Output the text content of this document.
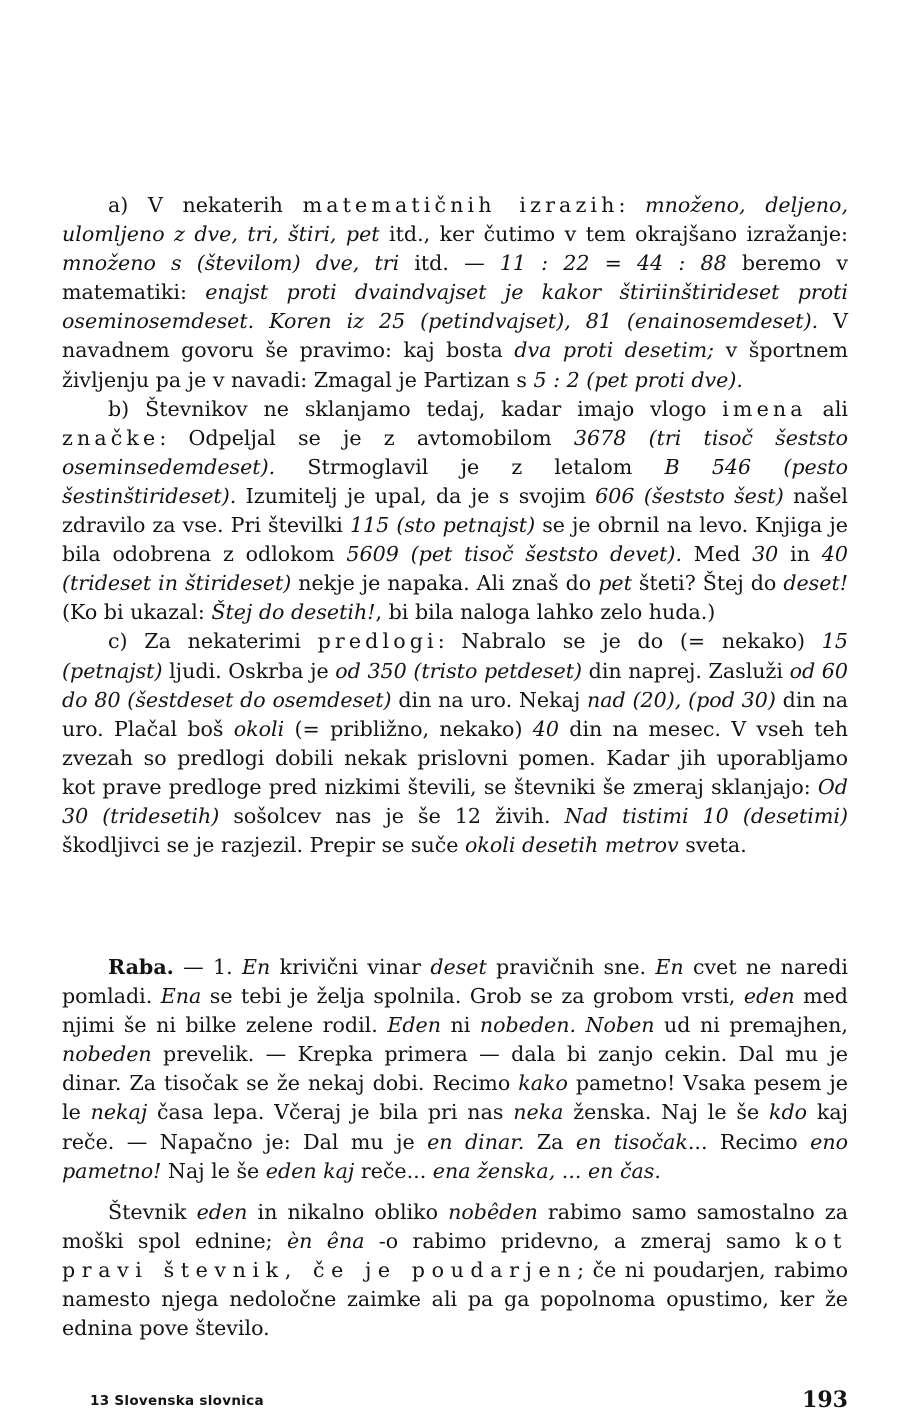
a) V nekaterih matematičnih izrazih: množeno, deljeno, ulomljeno z dve, tri, štiri, pet itd., ker čutimo v tem okrajšano izražanje: množeno s (številom) dve, tri itd. — 11 : 22 = 44 : 88 beremo v matematiki: enajst proti dvaindvajset je kakor štiriinštirideset proti oseminosemdeset. Koren iz 25 (petindvajset), 81 (enainosemdeset). V navadnem govoru še pravimo: kaj bosta dva proti desetim; v športnem življenju pa je v navadi: Zmagal je Partizan s 5 : 2 (pet proti dve).

b) Števnikov ne sklanjamo tedaj, kadar imajo vlogo imena ali značke: Odpeljal se je z avtomobilom 3678 (tri tisoč šeststo oseminsedemdeset). Strmoglavil je z letalom B 546 (pesto šestinštirideset). Izumitelj je upal, da je s svojim 606 (šeststo šest) našel zdravilo za vse. Pri številki 115 (sto petnajst) se je obrnil na levo. Knjiga je bila odobrena z odlokom 5609 (pet tisoč šeststo devet). Med 30 in 40 (trideset in štirideset) nekje je napaka. Ali znaš do pet šteti? Štej do deset! (Ko bi ukazal: Štej do desetih!, bi bila naloga lahko zelo huda.)

c) Za nekaterimi predlogi: Nabralo se je do (= nekako) 15 (petnajst) ljudi. Oskrba je od 350 (tristo petdeset) din naprej. Zasluži od 60 do 80 (šestdeset do osemdeset) din na uro. Nekaj nad (20), (pod 30) din na uro. Plačal boš okoli (= približno, nekako) 40 din na mesec. V vseh teh zvezah so predlogi dobili nekak prislovni pomen. Kadar jih uporabljamo kot prave predloge pred nizkimi števili, se števniki še zmeraj sklanjajo: Od 30 (tridesetih) sošolcev nas je še 12 živih. Nad tistimi 10 (desetimi) škodljivci se je razjezil. Prepir se suče okoli desetih metrov sveta.

Raba. — 1. En krivični vinar deset pravičnih sne. En cvet ne naredi pomladi. Ena se tebi je želja spolnila. Grob se za grobom vrsti, eden med njimi še ni bilke zelene rodil. Eden ni nobeden. Noben ud ni premajhen, nobeden prevelik. — Krepka primera — dala bi zanjo cekin. Dal mu je dinar. Za tisočak se že nekaj dobi. Recimo kako pametno! Vsaka pesem je le nekaj časa lepa. Včeraj je bila pri nas neka ženska. Naj le še kdo kaj reče. — Napačno je: Dal mu je en dinar. Za en tisočak... Recimo eno pametno! Naj le še eden kaj reče... ena ženska, ... en čas.

Števnik eden in nikalno obliko nobêden rabimo samo samostalno za moški spol ednine; èn êna -o rabimo pridevno, a zmeraj samo kot pravi števnik, če je poudarjen; če ni poudarjen, rabimo namesto njega nedoločne zaimke ali pa ga popolnoma opustimo, ker že ednina pove število.

13 Slovenska slovnica	193
